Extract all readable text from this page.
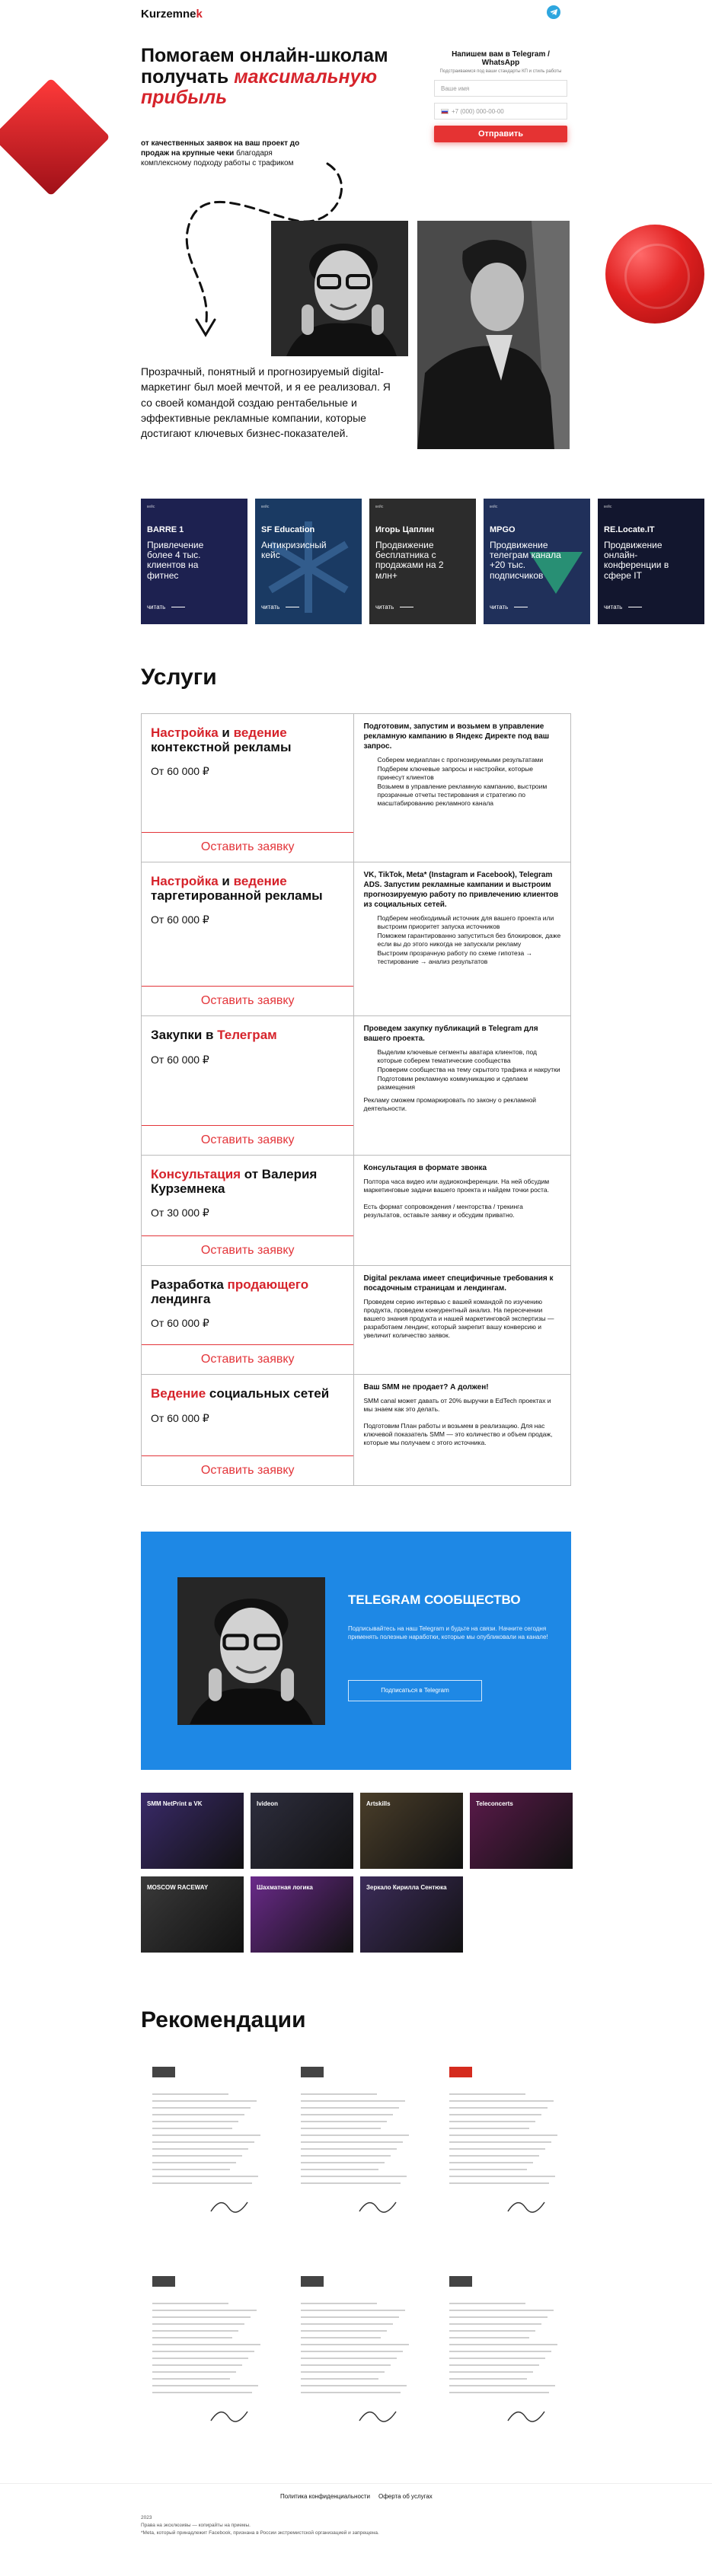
Kurzemnek
Помогаем онлайн-школам
получать максимальную
прибыль

от качественных заявок на ваш проект до продаж на крупные чеки благодаря комплексному подходу работы с трафиком

Напишем вам в Telegram / WhatsApp
Подстраиваемся под ваши стандарты КП и стиль работы
Ваше имя
+7 (000) 000-00-00
Отправить

Прозрачный, понятный и прогнозируемый digital-маркетинг был моей мечтой, и я ее реализовал. Я со своей командой создаю рентабельные и эффективные рекламные компании, которые достигают ключевых бизнес-показателей.

кейс
BARRE 1
Привлечение более 4 тыс. клиентов на фитнес
читать
кейс
SF Education
Антикризисный кейс
читать
кейс
Игорь Цаплин
Продвижение бесплатника с продажами на 2 млн+
читать
кейс
MPGO
Продвижение телеграм канала +20 тыс. подписчиков
читать
кейс
RE.Locate.IT
Продвижение онлайн-конференции в сфере IT
читать
Услуги
Настройка и ведение контекстной рекламы
От 60 000 ₽
Оставить заявку
Подготовим, запустим и возьмем в управление рекламную кампанию в Яндекс Директе под ваш запрос.
Соберем медиаплан с прогнозируемыми результатами
Подберем ключевые запросы и настройки, которые принесут клиентов
Возьмем в управление рекламную кампанию, выстроим прозрачные отчеты тестирования и стратегию по масштабированию рекламного канала
Настройка и ведение таргетированной рекламы
От 60 000 ₽
Оставить заявку
VK, TikTok, Meta* (Instagram и Facebook), Telegram ADS. Запустим рекламные кампании и выстроим прогнозируемую работу по привлечению клиентов из социальных сетей.
Подберем необходимый источник для вашего проекта или выстроим приоритет запуска источников
Поможем гарантированно запуститься без блокировок, даже если вы до этого никогда не запускали рекламу
Выстроим прозрачную работу по схеме гипотеза → тестирование → анализ результатов
Закупки в Телеграм
От 60 000 ₽
Оставить заявку
Проведем закупку публикаций в Telegram для вашего проекта.
Выделим ключевые сегменты аватара клиентов, под которые соберем тематические сообщества
Проверим сообщества на тему скрытого трафика и накрутки
Подготовим рекламную коммуникацию и сделаем размещения
Рекламу сможем промаркировать по закону о рекламной деятельности.
Консультация от Валерия Курземнека
От 30 000 ₽
Оставить заявку
Консультация в формате звонка
Полтора часа видео или аудиоконференции. На ней обсудим маркетинговые задачи вашего проекта и найдем точки роста.

Есть формат сопровождения / менторства / трекинга результатов, оставьте заявку и обсудим приватно.
Разработка продающего лендинга
От 60 000 ₽
Оставить заявку
Digital реклама имеет специфичные требования к посадочным страницам и лендингам.
Проведем серию интервью с вашей командой по изучению продукта, проведем конкурентный анализ. На пересечении вашего знания продукта и нашей маркетинговой экспертизы — разработаем лендинг, который закрепит вашу конверсию и увеличит количество заявок.
Ведение социальных сетей
От 60 000 ₽
Оставить заявку
Ваш SMM не продает? А должен!
SMM canal может давать от 20% выручки в EdTech проектах и мы знаем как это делать.

Подготовим План работы и возьмем в реализацию. Для нас ключевой показатель SMM — это количество и объем продаж, которые мы получаем с этого источника.
TELEGRAM СООБЩЕСТВО
Подписывайтесь на наш Telegram и будьте на связи. Начните сегодня применять полезные наработки, которые мы опубликовали на канале!
Подписаться в Telegram
SMM NetPrint в VK	Ivideon	Artskills	Teleconcerts
MOSCOW RACEWAY	Шахматная логика	Зеркало Кирилла Сентюка
Рекомендации
Политика конфиденциальности Оферта об услугах
2023
Права на эксклюзивы — копирайты на приемы.
*Meta, который принадлежит Facebook, признана в России экстремистской организацией и запрещена.
